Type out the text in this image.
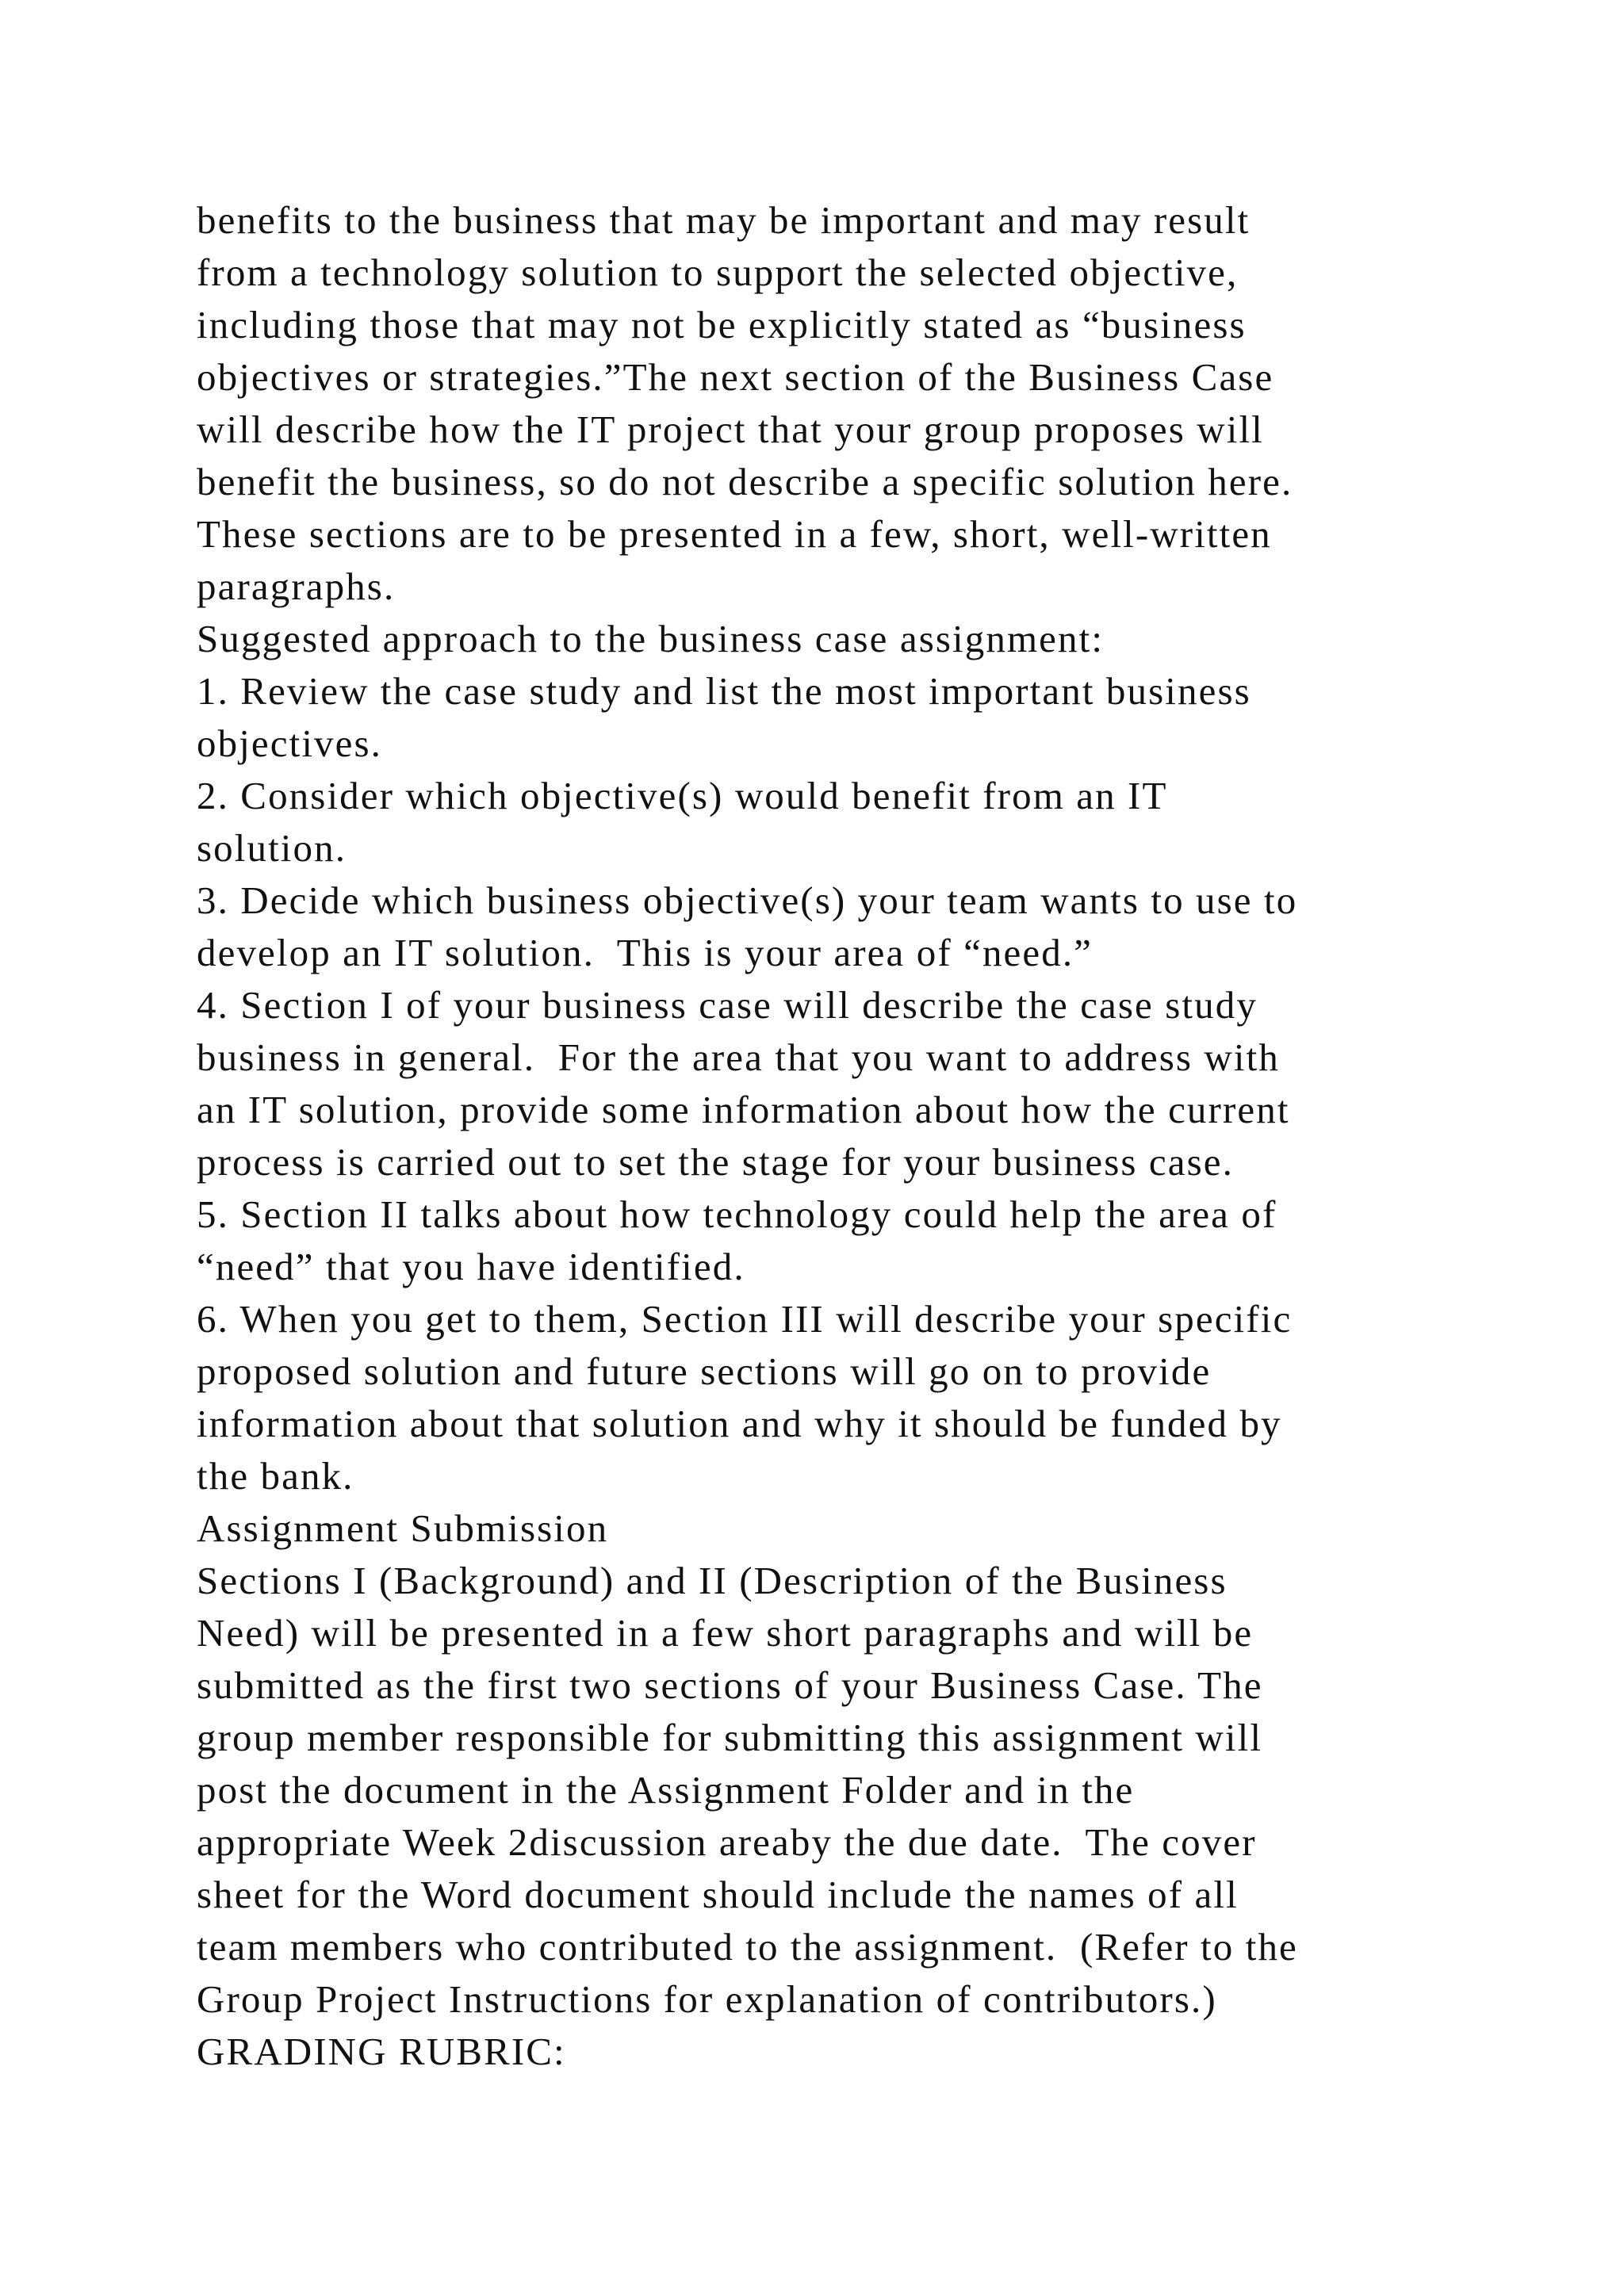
benefits to the business that may be important and may result
from a technology solution to support the selected objective,
including those that may not be explicitly stated as “business
objectives or strategies.”The next section of the Business Case
will describe how the IT project that your group proposes will
benefit the business, so do not describe a specific solution here.
These sections are to be presented in a few, short, well-written
paragraphs.
Suggested approach to the business case assignment:
1. Review the case study and list the most important business
objectives.
2. Consider which objective(s) would benefit from an IT
solution.
3. Decide which business objective(s) your team wants to use to
develop an IT solution.  This is your area of “need.”
4. Section I of your business case will describe the case study
business in general.  For the area that you want to address with
an IT solution, provide some information about how the current
process is carried out to set the stage for your business case.
5. Section II talks about how technology could help the area of
“need” that you have identified.
6. When you get to them, Section III will describe your specific
proposed solution and future sections will go on to provide
information about that solution and why it should be funded by
the bank.
Assignment Submission
Sections I (Background) and II (Description of the Business
Need) will be presented in a few short paragraphs and will be
submitted as the first two sections of your Business Case. The
group member responsible for submitting this assignment will
post the document in the Assignment Folder and in the
appropriate Week 2discussion areaby the due date.  The cover
sheet for the Word document should include the names of all
team members who contributed to the assignment.  (Refer to the
Group Project Instructions for explanation of contributors.)
GRADING RUBRIC:
